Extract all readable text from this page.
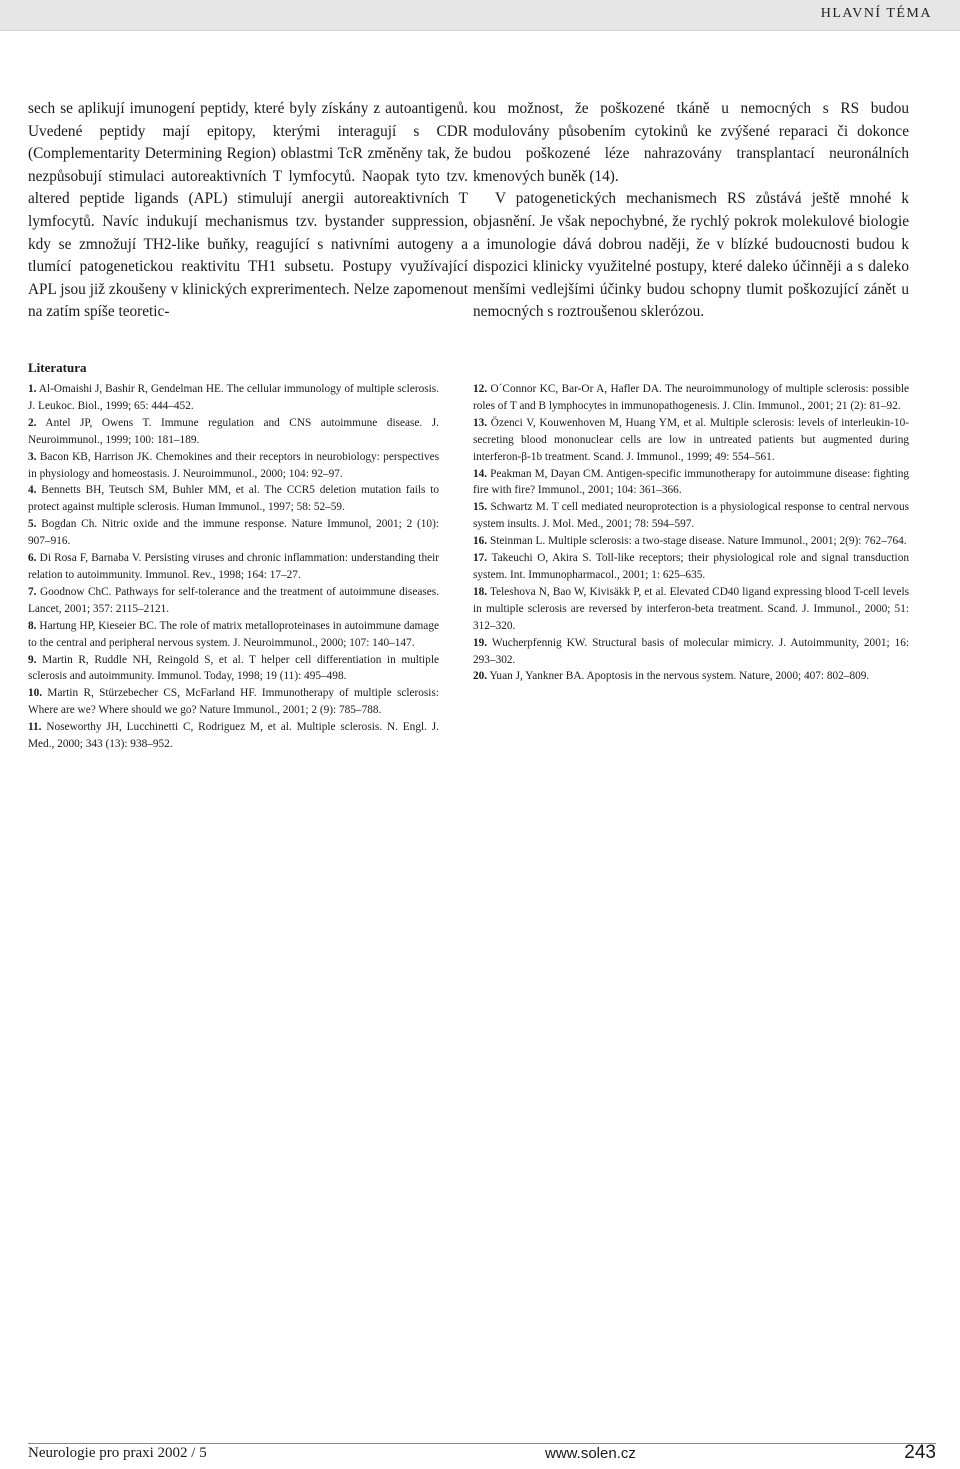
HLAVNÍ TÉMA

sech se aplikují imunogení peptidy, které byly získány z autoantigenů. Uvedené peptidy mají epitopy, kterými interagují s CDR (Complementarity Determining Region) oblastmi TcR změněny tak, že nezpůsobují stimulaci autoreaktivních T lymfocytů. Naopak tyto tzv. altered peptide ligands (APL) stimulují anergii autoreaktivních T lymfocytů. Navíc indukují mechanismus tzv. bystander suppression, kdy se zmnožují TH2-like buňky, reagující s nativními autogeny a tlumící patogenetickou reaktivitu TH1 subsetu. Postupy využívající APL jsou již zkoušeny v klinických exprerimentech. Nelze zapomenout na zatím spíše teoretic-

kou možnost, že poškozené tkáně u nemocných s RS budou modulovány působením cytokinů ke zvýšené reparaci či dokonce budou poškozené léze nahrazovány transplantací neuronálních kmenových buněk (14).

V patogenetických mechanismech RS zůstává ještě mnohé k objasnění. Je však nepochybné, že rychlý pokrok molekulové biologie a imunologie dává dobrou naději, že v blízké budoucnosti budou k dispozici klinicky využitelné postupy, které daleko účinněji a s daleko menšími vedlejšími účinky budou schopny tlumit poškozující zánět u nemocných s roztroušenou sklerózou.

Literatura
1. Al-Omaishi J, Bashir R, Gendelman HE. The cellular immunology of multiple sclerosis. J. Leukoc. Biol., 1999; 65: 444–452.
2. Antel JP, Owens T. Immune regulation and CNS autoimmune disease. J. Neuroimmunol., 1999; 100: 181–189.
3. Bacon KB, Harrison JK. Chemokines and their receptors in neurobiology: perspectives in physiology and homeostasis. J. Neuroimmunol., 2000; 104: 92–97.
4. Bennetts BH, Teutsch SM, Buhler MM, et al. The CCR5 deletion mutation fails to protect against multiple sclerosis. Human Immunol., 1997; 58: 52–59.
5. Bogdan Ch. Nitric oxide and the immune response. Nature Immunol, 2001; 2 (10): 907–916.
6. Di Rosa F, Barnaba V. Persisting viruses and chronic inflammation: understanding their relation to autoimmunity. Immunol. Rev., 1998; 164: 17–27.
7. Goodnow ChC. Pathways for self-tolerance and the treatment of autoimmune diseases. Lancet, 2001; 357: 2115–2121.
8. Hartung HP, Kieseier BC. The role of matrix metalloproteinases in autoimmune damage to the central and peripheral nervous system. J. Neuroimmunol., 2000; 107: 140–147.
9. Martin R, Ruddle NH, Reingold S, et al. T helper cell differentiation in multiple sclerosis and autoimmunity. Immunol. Today, 1998; 19 (11): 495–498.
10. Martin R, Stürzebecher CS, McFarland HF. Immunotherapy of multiple sclerosis: Where are we? Where should we go? Nature Immunol., 2001; 2 (9): 785–788.
11. Noseworthy JH, Lucchinetti C, Rodriguez M, et al. Multiple sclerosis. N. Engl. J. Med., 2000; 343 (13): 938–952.
12. O´Connor KC, Bar-Or A, Hafler DA. The neuroimmunology of multiple sclerosis: possible roles of T and B lymphocytes in immunopathogenesis. J. Clin. Immunol., 2001; 21 (2): 81–92.
13. Özenci V, Kouwenhoven M, Huang YM, et al. Multiple sclerosis: levels of interleukin-10-secreting blood mononuclear cells are low in untreated patients but augmented during interferon-β-1b treatment. Scand. J. Immunol., 1999; 49: 554–561.
14. Peakman M, Dayan CM. Antigen-specific immunotherapy for autoimmune disease: fighting fire with fire? Immunol., 2001; 104: 361–366.
15. Schwartz M. T cell mediated neuroprotection is a physiological response to central nervous system insults. J. Mol. Med., 2001; 78: 594–597.
16. Steinman L. Multiple sclerosis: a two-stage disease. Nature Immunol., 2001; 2(9): 762–764.
17. Takeuchi O, Akira S. Toll-like receptors; their physiological role and signal transduction system. Int. Immunopharmacol., 2001; 1: 625–635.
18. Teleshova N, Bao W, Kivisäkk P, et al. Elevated CD40 ligand expressing blood T-cell levels in multiple sclerosis are reversed by interferon-beta treatment. Scand. J. Immunol., 2000; 51: 312–320.
19. Wucherpfennig KW. Structural basis of molecular mimicry. J. Autoimmunity, 2001; 16: 293–302.
20. Yuan J, Yankner BA. Apoptosis in the nervous system. Nature, 2000; 407: 802–809.
Neurologie pro praxi 2002 / 5	www.solen.cz	243
